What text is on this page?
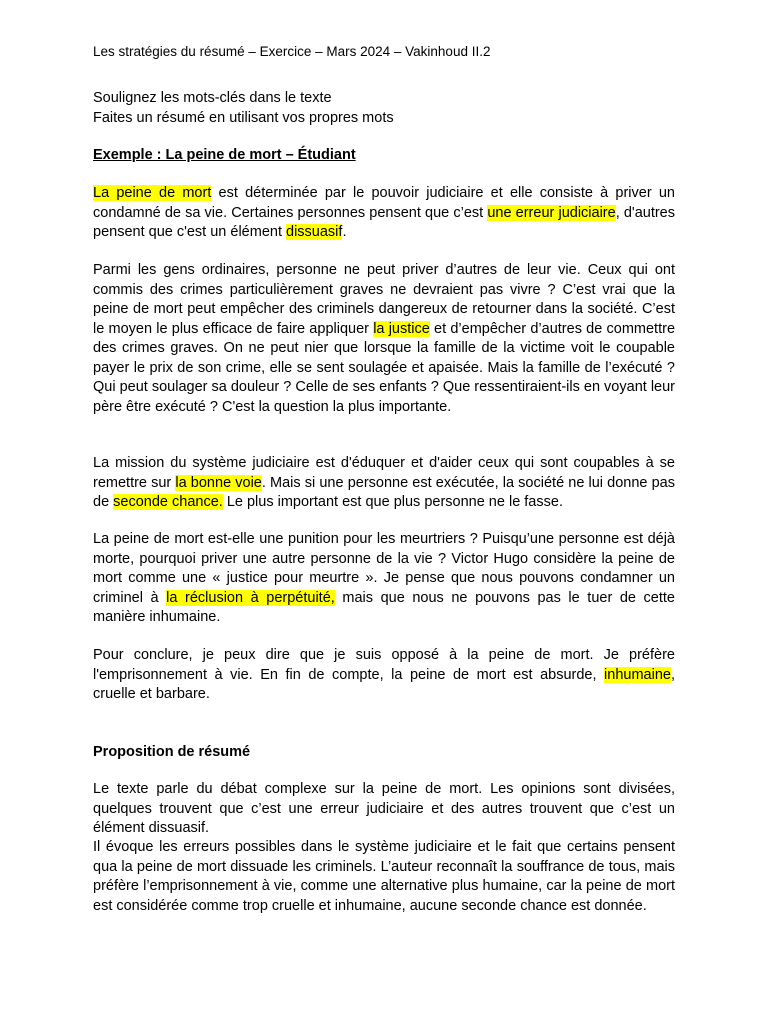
Les stratégies du résumé – Exercice – Mars 2024 – Vakinhoud II.2
Soulignez les mots-clés dans le texte
Faites un résumé en utilisant vos propres mots
Exemple : La peine de mort – Étudiant
La peine de mort est déterminée par le pouvoir judiciaire et elle consiste à priver un condamné de sa vie. Certaines personnes pensent que c’est une erreur judiciaire, d'autres pensent que c'est un élément dissuasif.
Parmi les gens ordinaires, personne ne peut priver d’autres de leur vie. Ceux qui ont commis des crimes particulièrement graves ne devraient pas vivre ? C’est vrai que la peine de mort peut empêcher des criminels dangereux de retourner dans la société. C’est le moyen le plus efficace de faire appliquer la justice et d’empêcher d’autres de commettre des crimes graves. On ne peut nier que lorsque la famille de la victime voit le coupable payer le prix de son crime, elle se sent soulagée et apaisée. Mais la famille de l’exécuté ? Qui peut soulager sa douleur ? Celle de ses enfants ? Que ressentiraient-ils en voyant leur père être exécuté ? C'est la question la plus importante.
La mission du système judiciaire est d'éduquer et d'aider ceux qui sont coupables à se remettre sur la bonne voie. Mais si une personne est exécutée, la société ne lui donne pas de seconde chance. Le plus important est que plus personne ne le fasse.
La peine de mort est-elle une punition pour les meurtriers ? Puisqu’une personne est déjà morte, pourquoi priver une autre personne de la vie ? Victor Hugo considère la peine de mort comme une « justice pour meurtre ». Je pense que nous pouvons condamner un criminel à la réclusion à perpétuité, mais que nous ne pouvons pas le tuer de cette manière inhumaine.
Pour conclure, je peux dire que je suis opposé à la peine de mort. Je préfère l'emprisonnement à vie. En fin de compte, la peine de mort est absurde, inhumaine, cruelle et barbare.
Proposition de résumé
Le texte parle du débat complexe sur la peine de mort. Les opinions sont divisées, quelques trouvent que c’est une erreur judiciaire et des autres trouvent que c’est un élément dissuasif.
Il évoque les erreurs possibles dans le système judiciaire et le fait que certains pensent qua la peine de mort dissuade les criminels. L’auteur reconnaît la souffrance de tous, mais préfère l’emprisonnement à vie, comme une alternative plus humaine, car la peine de mort est considérée comme trop cruelle et inhumaine, aucune seconde chance est donnée.
